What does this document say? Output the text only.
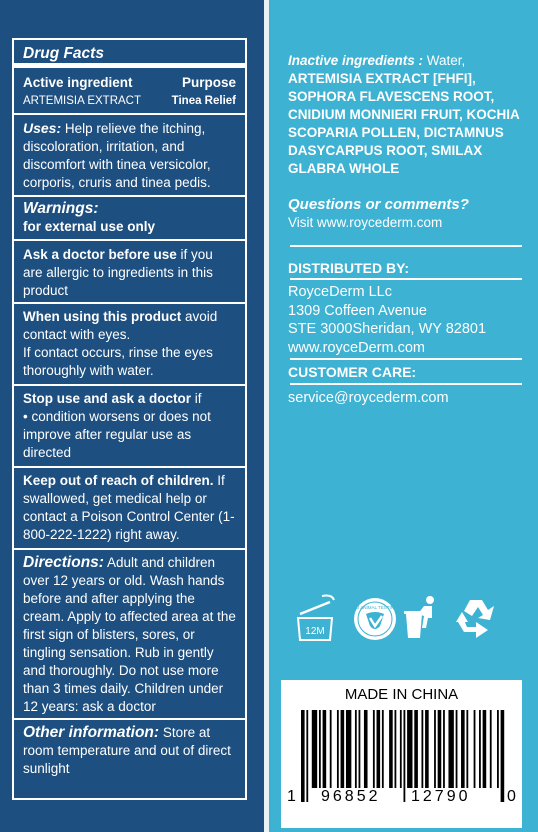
Drug Facts
Active ingredient	Purpose
ARTEMISIA EXTRACT	Tinea Relief
Uses: Help relieve the itching, discoloration, irritation, and discomfort with tinea versicolor, corporis, cruris and tinea pedis.
Warnings:
for external use only
Ask a doctor before use if you are allergic to ingredients in this product
When using this product avoid contact with eyes.
If contact occurs, rinse the eyes thoroughly with water.
Stop use and ask a doctor if
• condition worsens or does not improve after regular use as directed
Keep out of reach of children. If swallowed, get medical help or contact a Poison Control Center (1-800-222-1222) right away.
Directions: Adult and children over 12 years or old. Wash hands before and after applying the cream. Apply to affected area at the first sign of blisters, sores, or tingling sensation. Rub in gently and thoroughly. Do not use more than 3 times daily. Children under 12 years: ask a doctor
Other information: Store at room temperature and out of direct sunlight
Inactive ingredients : Water, ARTEMISIA EXTRACT [FHFI], SOPHORA FLAVESCENS ROOT, CNIDIUM MONNIERI FRUIT, KOCHIA SCOPARIA POLLEN, DICTAMNUS DASYCARPUS ROOT, SMILAX GLABRA WHOLE
Questions or comments?
Visit www.roycederm.com
DISTRIBUTED BY:
RoyceDerm LLc
1309 Coffeen Avenue
STE 3000Sheridan, WY 82801
www.royceDerm.com
CUSTOMER CARE:
service@roycederm.com
12M
NO ANIMAL TESTING
MADE IN CHINA
1 96852 12790 0
